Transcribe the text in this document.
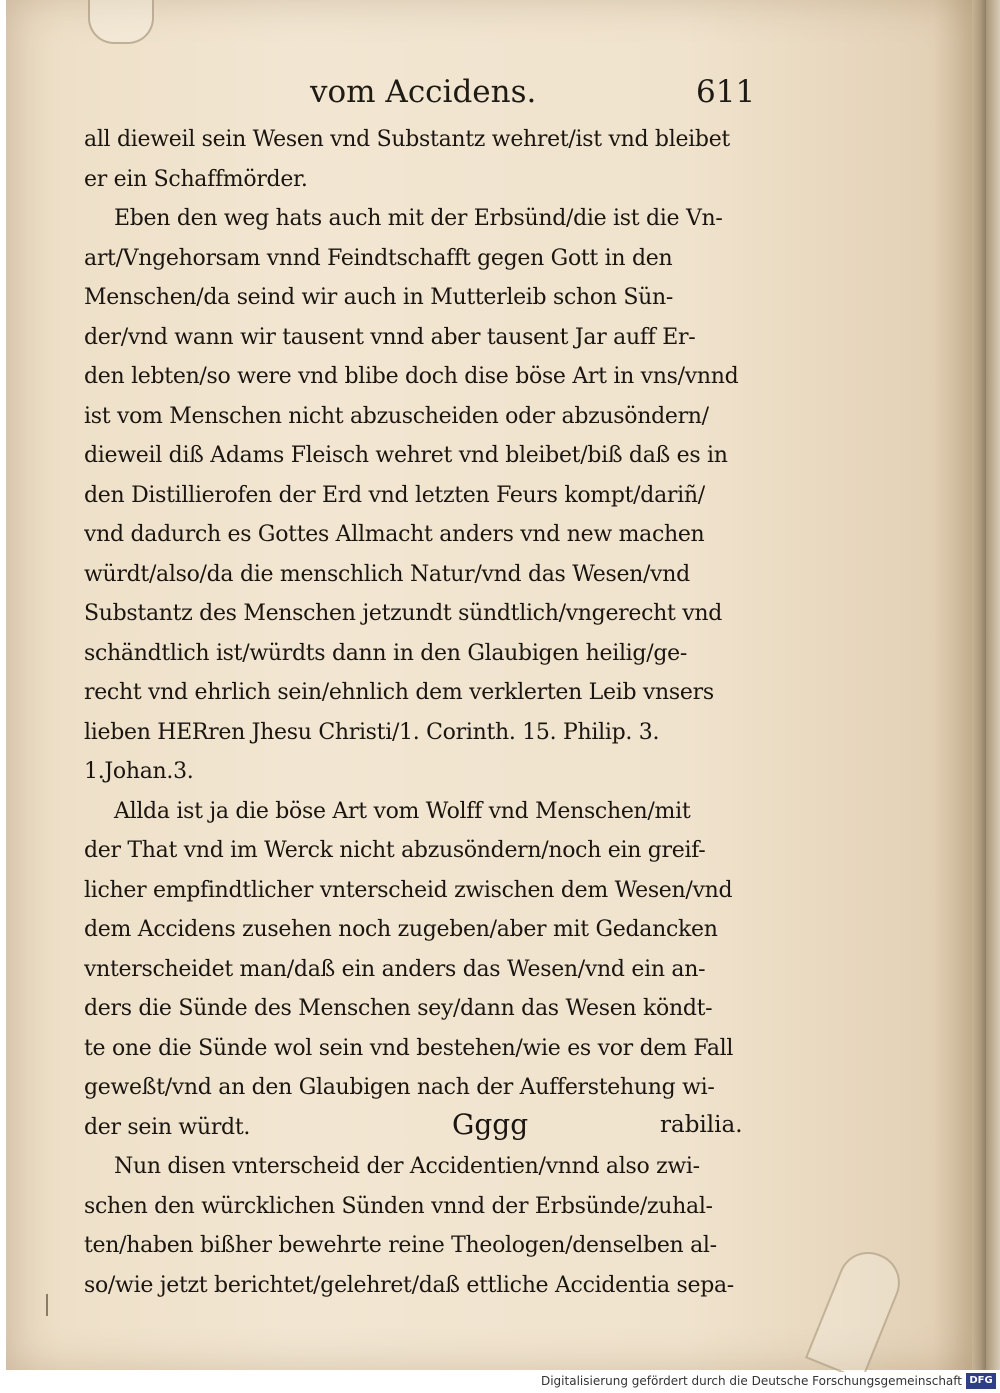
vom Accidens.	611
all dieweil sein Wesen vnd Substantz wehret/ist vnd bleibet
er ein Schaffmörder.
Eben den weg hats auch mit der Erbsünd/die ist die Vn-
art/Vngehorsam vnnd Feindtschafft gegen Gott in den
Menschen/da seind wir auch in Mutterleib schon Sün-
der/vnd wann wir tausent vnnd aber tausent Jar auff Er-
den lebten/so were vnd blibe doch dise böse Art in vns/vnnd
ist vom Menschen nicht abzuscheiden oder abzusöndern/
dieweil diß Adams Fleisch wehret vnd bleibet/biß daß es in
den Distillierofen der Erd vnd letzten Feurs kompt/dariñ/
vnd dadurch es Gottes Allmacht anders vnd new machen
würdt/also/da die menschlich Natur/vnd das Wesen/vnd
Substantz des Menschen jetzundt sündtlich/vngerecht vnd
schändtlich ist/würdts dann in den Glaubigen heilig/ge-
recht vnd ehrlich sein/ehnlich dem verklerten Leib vnsers
lieben HERren Jhesu Christi/1. Corinth. 15. Philip. 3.
1.Johan.3.
Allda ist ja die böse Art vom Wolff vnd Menschen/mit
der That vnd im Werck nicht abzusöndern/noch ein greif-
licher empfindtlicher vnterscheid zwischen dem Wesen/vnd
dem Accidens zusehen noch zugeben/aber mit Gedancken
vnterscheidet man/daß ein anders das Wesen/vnd ein an-
ders die Sünde des Menschen sey/dann das Wesen köndt-
te one die Sünde wol sein vnd bestehen/wie es vor dem Fall
geweßt/vnd an den Glaubigen nach der Aufferstehung wi-
der sein würdt.
Nun disen vnterscheid der Accidentien/vnnd also zwi-
schen den würcklichen Sünden vnnd der Erbsünde/zuhal-
ten/haben bißher bewehrte reine Theologen/denselben al-
so/wie jetzt berichtet/gelehret/daß ettliche Accidentia sepa-
Gggg	rabilia.
Digitalisierung gefördert durch die Deutsche Forschungsgemeinschaft DFG
